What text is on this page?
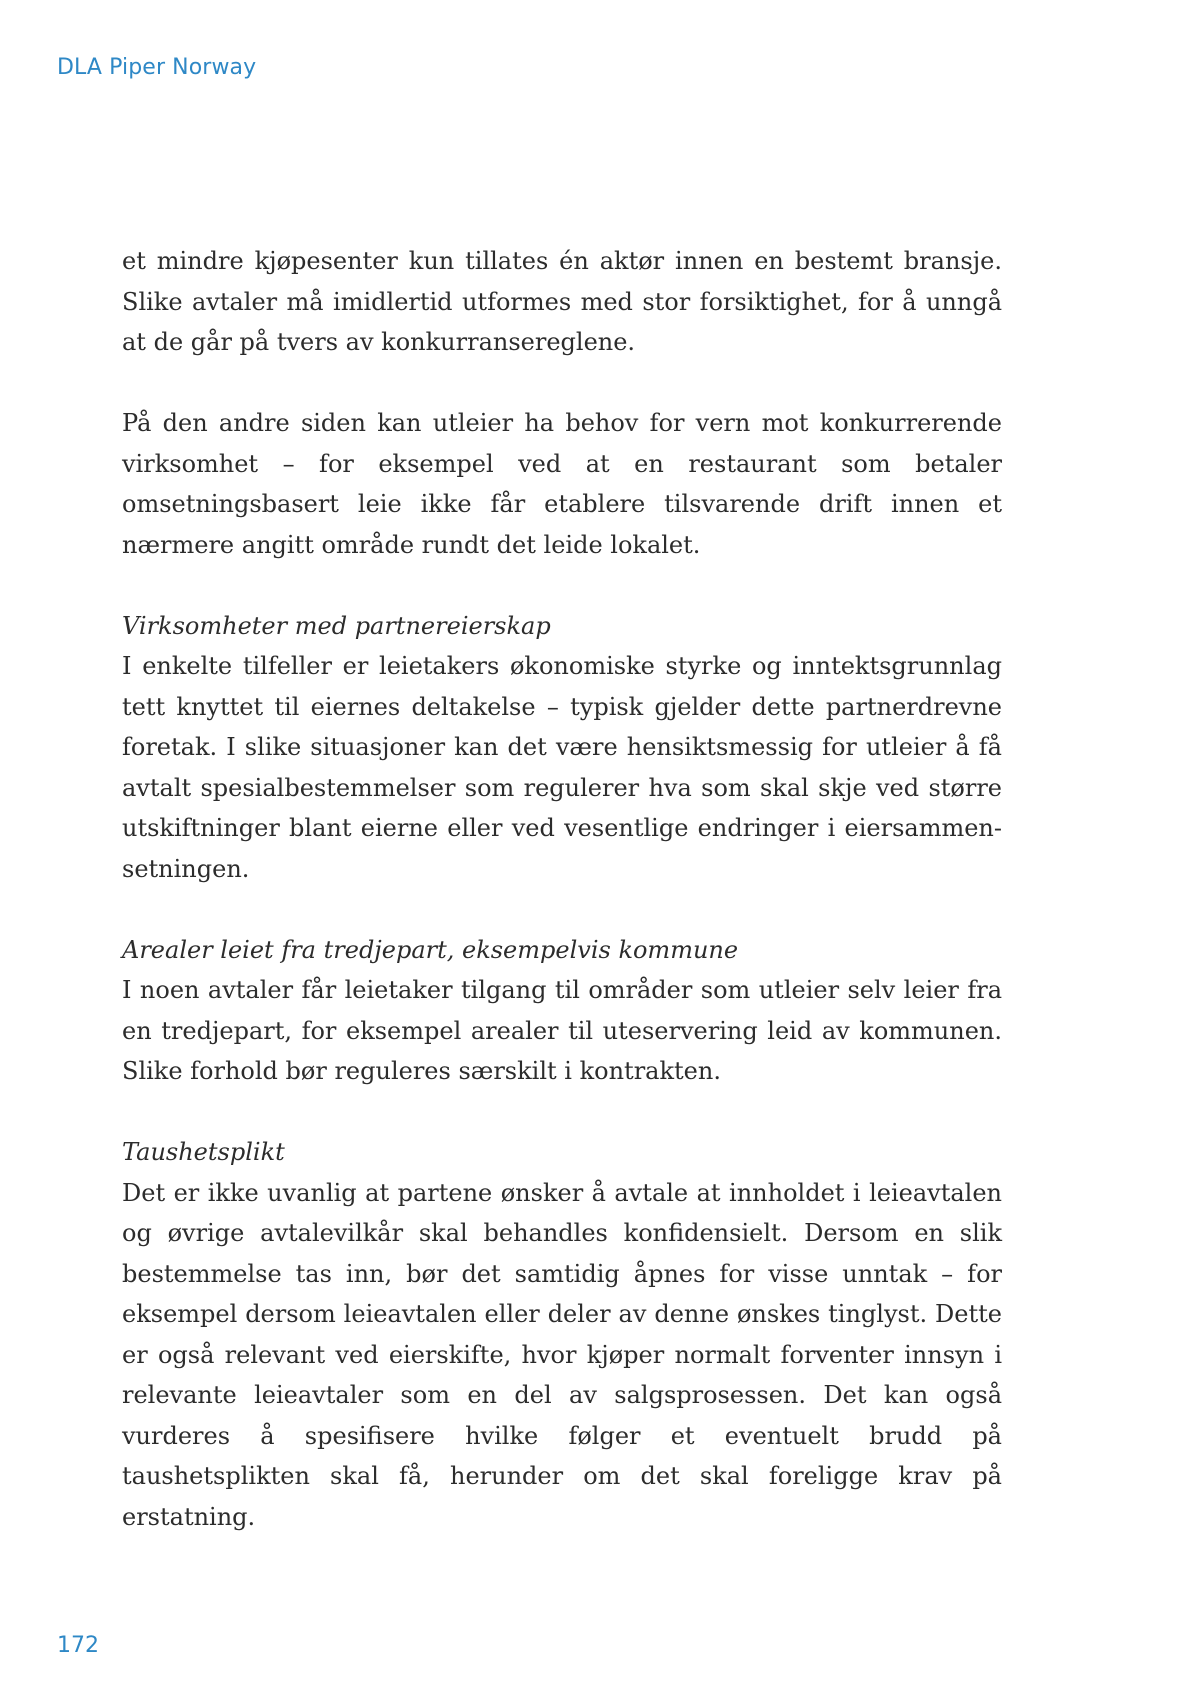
DLA Piper Norway
et mindre kjøpesenter kun tillates én aktør innen en bestemt bransje. Slike avtaler må imidlertid utformes med stor forsiktighet, for å unngå at de går på tvers av konkurransereglene.
På den andre siden kan utleier ha behov for vern mot konkurrerende virksomhet – for eksempel ved at en restaurant som betaler omsetningsbasert leie ikke får etablere tilsvarende drift innen et nærmere angitt område rundt det leide lokalet.
Virksomheter med partnereierskap
I enkelte tilfeller er leietakers økonomiske styrke og inntektsgrunnlag tett knyttet til eiernes deltakelse – typisk gjelder dette partnerdrevne foretak. I slike situasjoner kan det være hensiktsmessig for utleier å få avtalt spesialbestemmelser som regulerer hva som skal skje ved større utskiftninger blant eierne eller ved vesentlige endringer i eiersammensetningen.
Arealer leiet fra tredjepart, eksempelvis kommune
I noen avtaler får leietaker tilgang til områder som utleier selv leier fra en tredjepart, for eksempel arealer til uteservering leid av kommunen. Slike forhold bør reguleres særskilt i kontrakten.
Taushetsplikt
Det er ikke uvanlig at partene ønsker å avtale at innholdet i leieavtalen og øvrige avtalevilkår skal behandles konfidensielt. Dersom en slik bestemmelse tas inn, bør det samtidig åpnes for visse unntak – for eksempel dersom leieavtalen eller deler av denne ønskes tinglyst. Dette er også relevant ved eierskifte, hvor kjøper normalt forventer innsyn i relevante leieavtaler som en del av salgsprosessen. Det kan også vurderes å spesifisere hvilke følger et eventuelt brudd på taushetsplikten skal få, herunder om det skal foreligge krav på erstatning.
172
